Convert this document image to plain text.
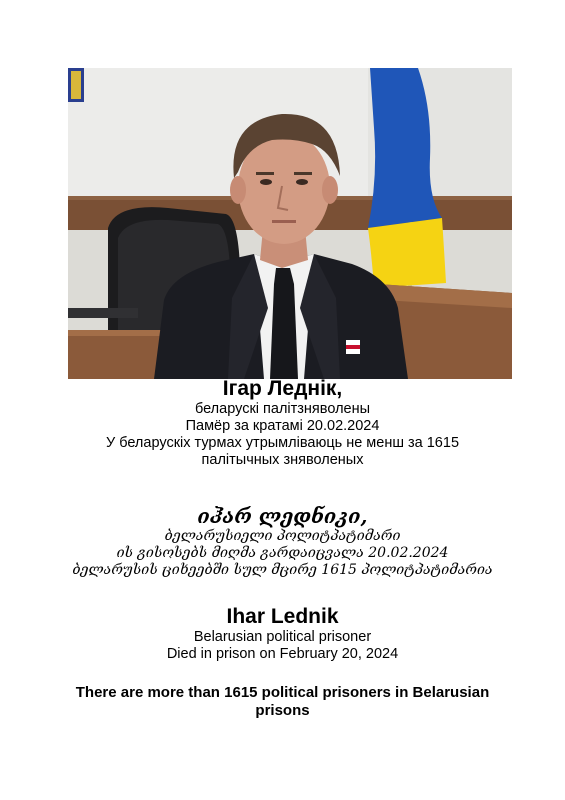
Ігар Леднік,
беларускі палітзняволены
Памёр за кратамі 20.02.2024
У беларускіх турмах утрымліваюць не менш за 1615
палітычных зняволеных
იჰარ ლედნიკი,
ბელარუსიელი პოლიტპატიმარი
ის გისოსებს მიღმა გარდაიცვალა 20.02.2024
ბელარუსის ციხეებში სულ მცირე 1615 პოლიტპატიმარია
Ihar Lednik
Belarusian political prisoner
Died in prison on February 20, 2024
There are more than 1615 political prisoners in Belarusian
prisons
